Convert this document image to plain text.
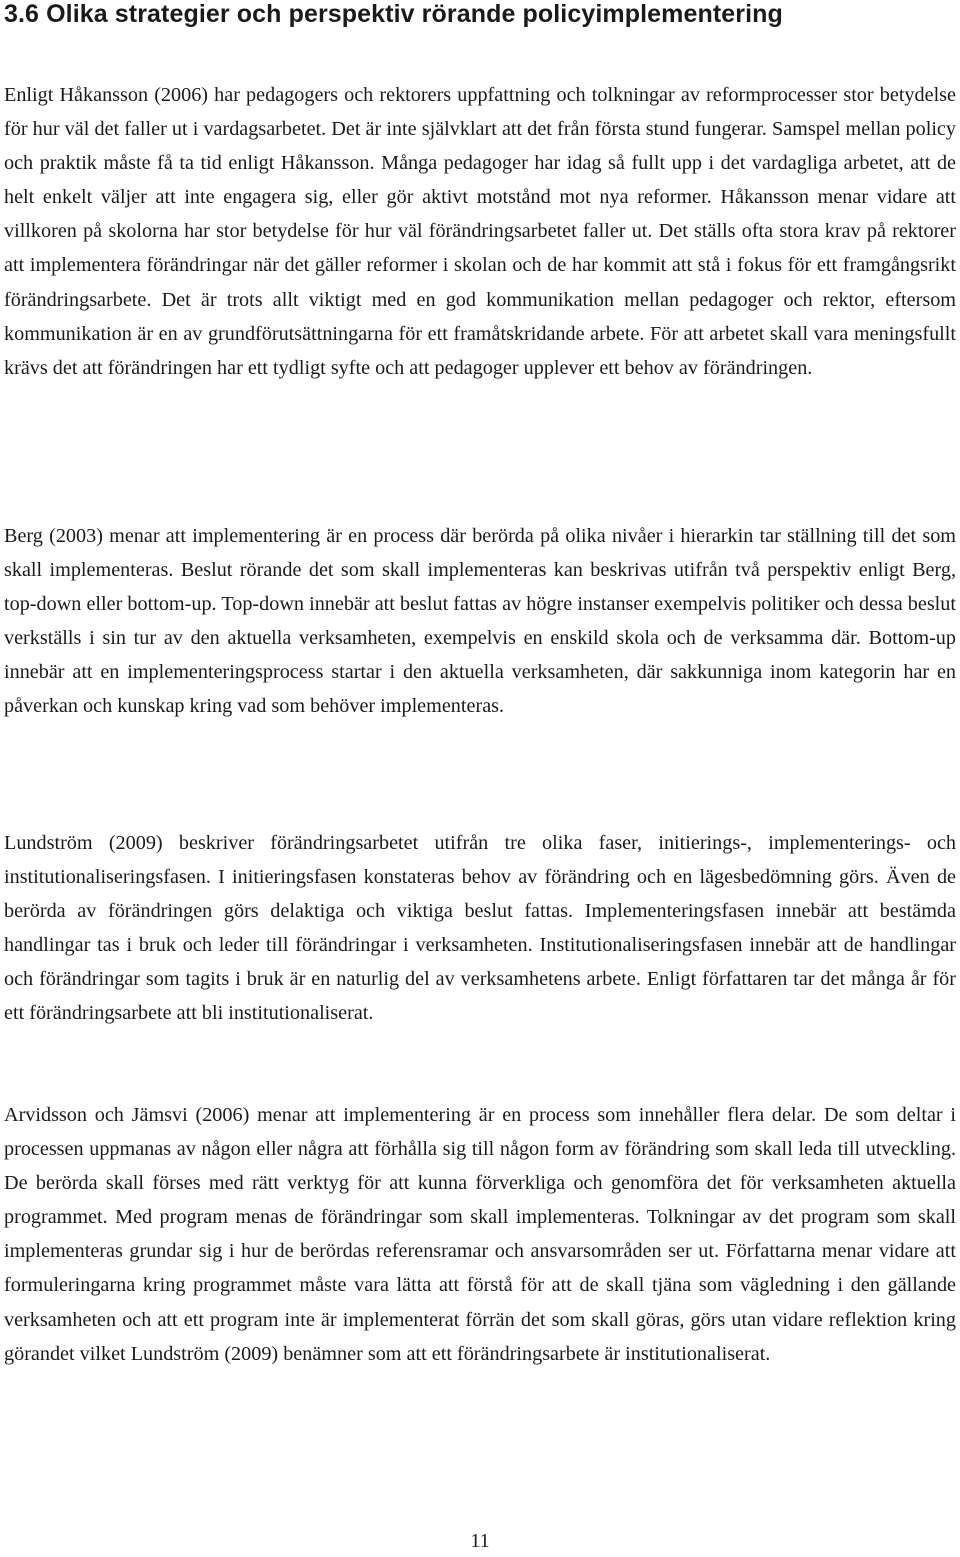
3.6 Olika strategier och perspektiv rörande policyimplementering

Enligt Håkansson (2006) har pedagogers och rektorers uppfattning och tolkningar av reformprocesser stor betydelse för hur väl det faller ut i vardagsarbetet. Det är inte självklart att det från första stund fungerar. Samspel mellan policy och praktik måste få ta tid enligt Håkansson. Många pedagoger har idag så fullt upp i det vardagliga arbetet, att de helt enkelt väljer att inte engagera sig, eller gör aktivt motstånd mot nya reformer. Håkansson menar vidare att villkoren på skolorna har stor betydelse för hur väl förändringsarbetet faller ut. Det ställs ofta stora krav på rektorer att implementera förändringar när det gäller reformer i skolan och de har kommit att stå i fokus för ett framgångsrikt förändringsarbete. Det är trots allt viktigt med en god kommunikation mellan pedagoger och rektor, eftersom kommunikation är en av grundförutsättningarna för ett framåtskridande arbete. För att arbetet skall vara meningsfullt krävs det att förändringen har ett tydligt syfte och att pedagoger upplever ett behov av förändringen.

Berg (2003) menar att implementering är en process där berörda på olika nivåer i hierarkin tar ställning till det som skall implementeras. Beslut rörande det som skall implementeras kan beskrivas utifrån två perspektiv enligt Berg, top-down eller bottom-up. Top-down innebär att beslut fattas av högre instanser exempelvis politiker och dessa beslut verkställs i sin tur av den aktuella verksamheten, exempelvis en enskild skola och de verksamma där. Bottom-up innebär att en implementeringsprocess startar i den aktuella verksamheten, där sakkunniga inom kategorin har en påverkan och kunskap kring vad som behöver implementeras.

Lundström (2009) beskriver förändringsarbetet utifrån tre olika faser, initierings-, implementerings- och institutionaliseringsfasen. I initieringsfasen konstateras behov av förändring och en lägesbedömning görs. Även de berörda av förändringen görs delaktiga och viktiga beslut fattas. Implementeringsfasen innebär att bestämda handlingar tas i bruk och leder till förändringar i verksamheten. Institutionaliseringsfasen innebär att de handlingar och förändringar som tagits i bruk är en naturlig del av verksamhetens arbete. Enligt författaren tar det många år för ett förändringsarbete att bli institutionaliserat.

Arvidsson och Jämsvi (2006) menar att implementering är en process som innehåller flera delar. De som deltar i processen uppmanas av någon eller några att förhålla sig till någon form av förändring som skall leda till utveckling. De berörda skall förses med rätt verktyg för att kunna förverkliga och genomföra det för verksamheten aktuella programmet. Med program menas de förändringar som skall implementeras. Tolkningar av det program som skall implementeras grundar sig i hur de berördas referensramar och ansvarsområden ser ut. Författarna menar vidare att formuleringarna kring programmet måste vara lätta att förstå för att de skall tjäna som vägledning i den gällande verksamheten och att ett program inte är implementerat förrän det som skall göras, görs utan vidare reflektion kring görandet vilket Lundström (2009) benämner som att ett förändringsarbete är institutionaliserat.

11
